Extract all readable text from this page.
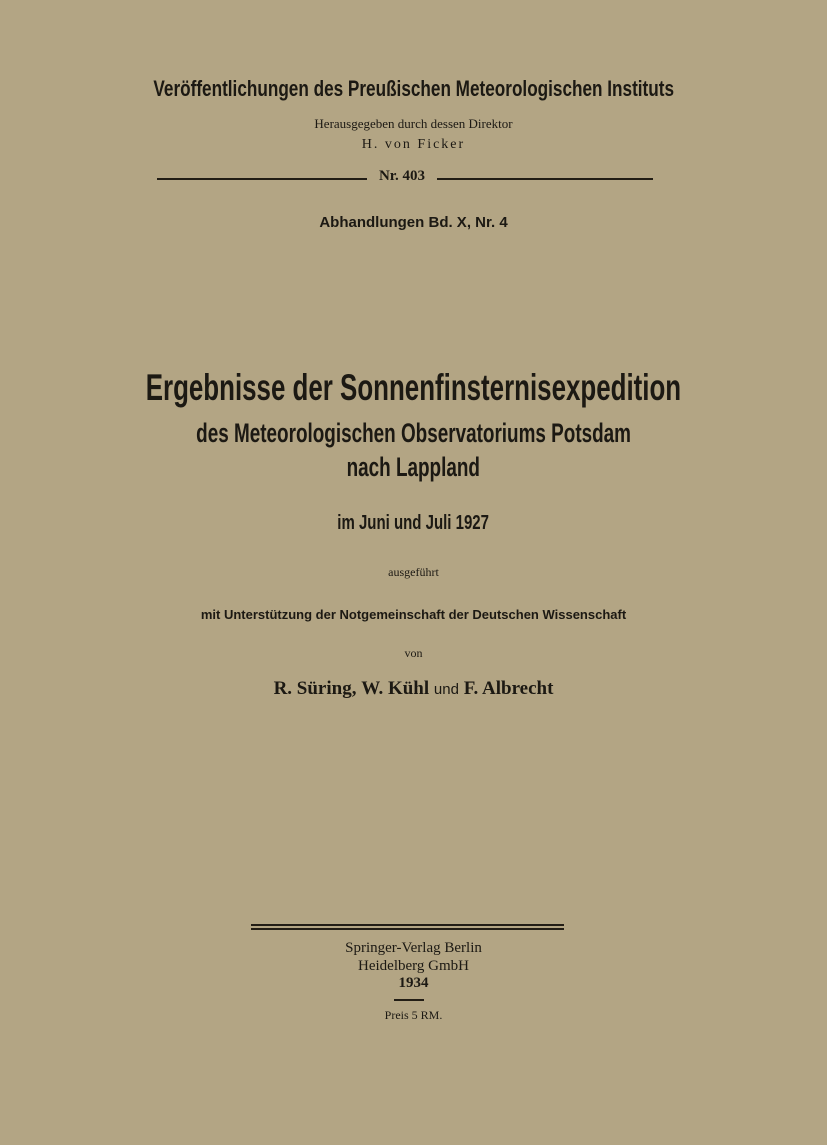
Veröffentlichungen des Preußischen Meteorologischen Instituts
Herausgegeben durch dessen Direktor
H. von Ficker
Nr. 403
Abhandlungen Bd. X, Nr. 4
Ergebnisse der Sonnenfinsternisexpedition
des Meteorologischen Observatoriums Potsdam
nach Lappland
im Juni und Juli 1927
ausgeführt
mit Unterstützung der Notgemeinschaft der Deutschen Wissenschaft
von
R. Süring, W. Kühl und F. Albrecht
Springer-Verlag Berlin
Heidelberg GmbH
1934
Preis 5 RM.
